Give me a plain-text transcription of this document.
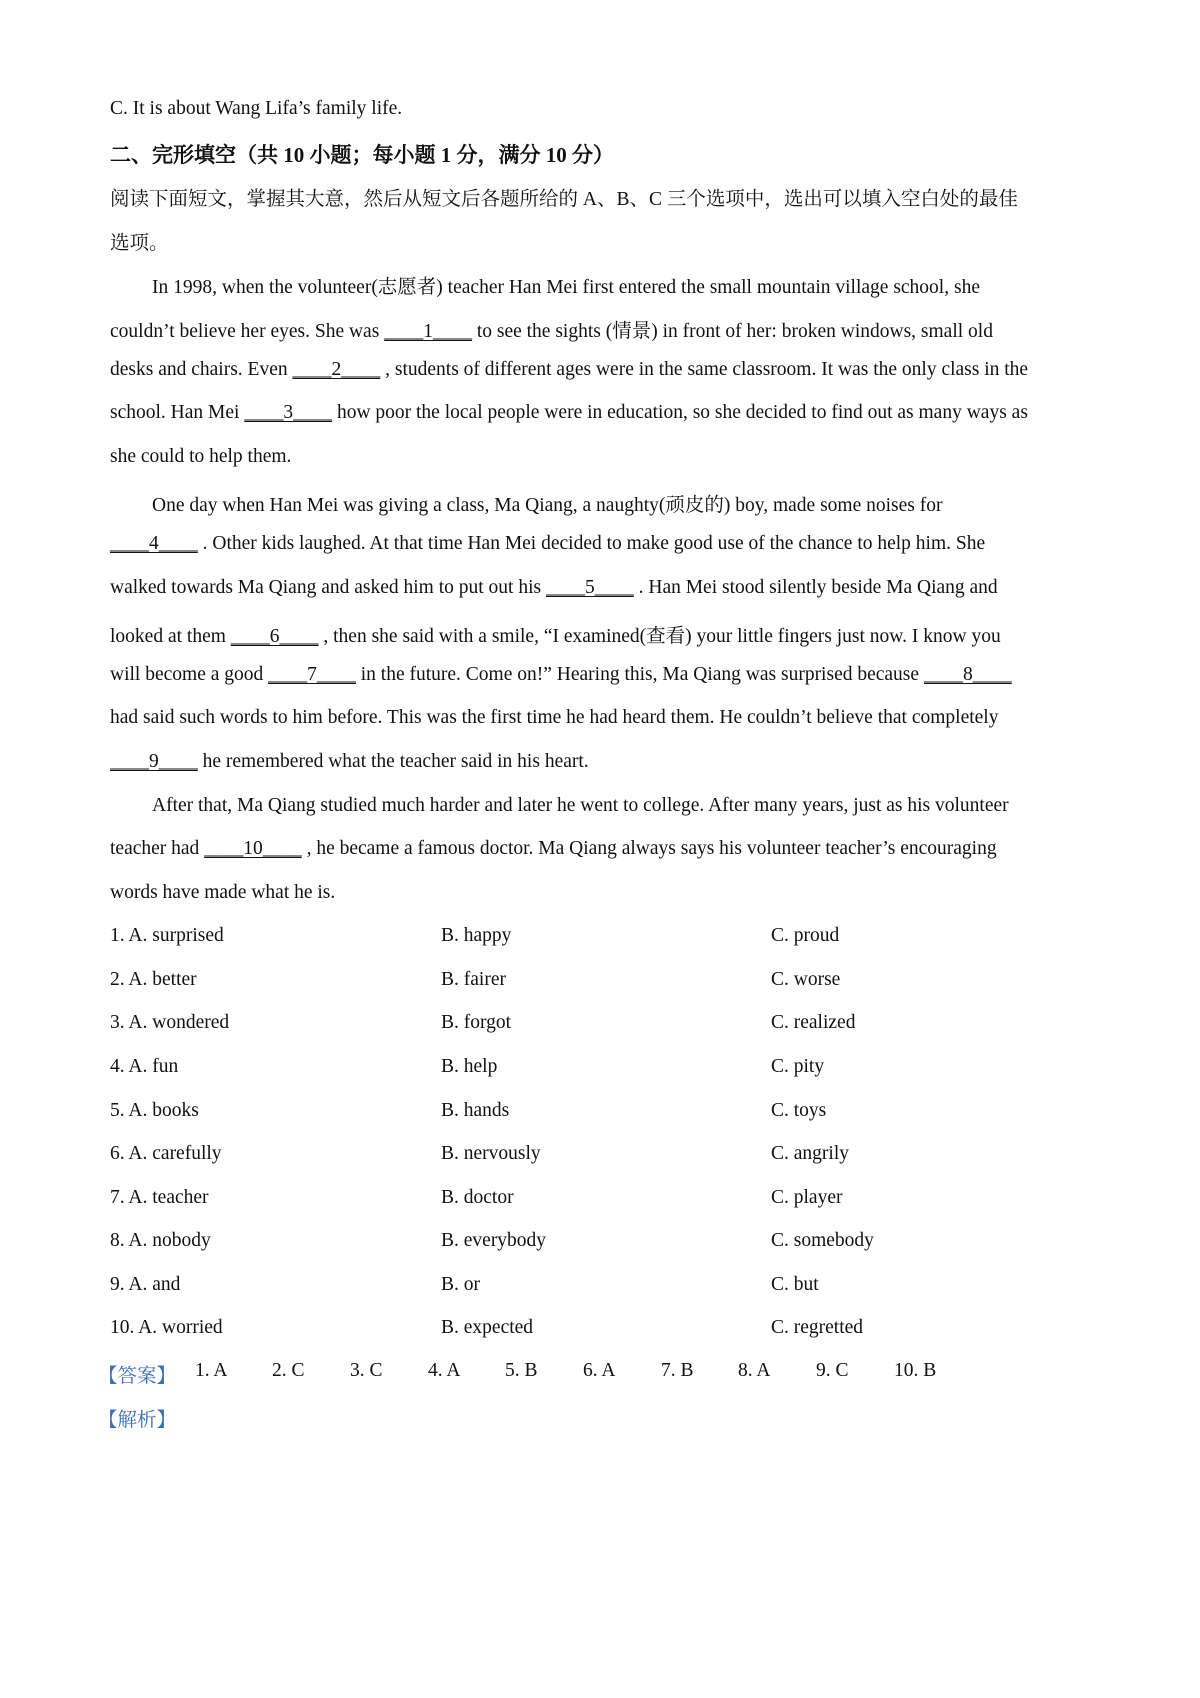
C. It is about Wang Lifa’s family life.
二、完形填空（共 10 小题；每小题 1 分，满分 10 分）
阅读下面短文，掌握其大意，然后从短文后各题所给的 A、B、C 三个选项中，选出可以填入空白处的最佳
选项。
In 1998, when the volunteer(志愿者) teacher Han Mei first entered the small mountain village school, she
couldn’t believe her eyes. She was ____1____ to see the sights (情景) in front of her: broken windows, small old
desks and chairs. Even ____2____ , students of different ages were in the same classroom. It was the only class in the
school. Han Mei ____3____ how poor the local people were in education, so she decided to find out as many ways as
she could to help them.
One day when Han Mei was giving a class, Ma Qiang, a naughty(顽皮的) boy, made some noises for
____4____ . Other kids laughed. At that time Han Mei decided to make good use of the chance to help him. She
walked towards Ma Qiang and asked him to put out his ____5____ . Han Mei stood silently beside Ma Qiang and
looked at them ____6____ , then she said with a smile, “I examined(查看) your little fingers just now. I know you
will become a good ____7____ in the future. Come on!” Hearing this, Ma Qiang was surprised because ____8____
had said such words to him before. This was the first time he had heard them. He couldn’t believe that completely
____9____ he remembered what the teacher said in his heart.
After that, Ma Qiang studied much harder and later he went to college. After many years, just as his volunteer
teacher had ____10____ , he became a famous doctor. Ma Qiang always says his volunteer teacher’s encouraging
words have made what he is.
1. A. surprised	B. happy	C. proud
2. A. better	B. fairer	C. worse
3. A. wondered	B. forgot	C. realized
4. A. fun	B. help	C. pity
5. A. books	B. hands	C. toys
6. A. carefully	B. nervously	C. angrily
7. A. teacher	B. doctor	C. player
8. A. nobody	B. everybody	C. somebody
9. A. and	B. or	C. but
10. A. worried	B. expected	C. regretted
【答案】 1. A 2. C 3. C 4. A 5. B 6. A 7. B 8. A 9. C 10. B
【解析】
